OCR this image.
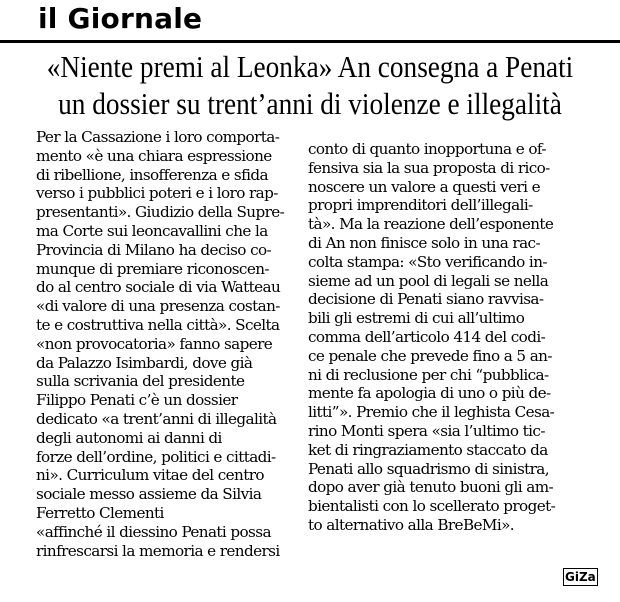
il Giornale
«Niente premi al Leonka» An consegna a Penati
un dossier su trent’anni di violenze e illegalità
Per la Cassazione i loro comporta-
mento «è una chiara espressione
di ribellione, insofferenza e sfida
verso i pubblici poteri e i loro rap-
presentanti». Giudizio della Supre-
ma Corte sui leoncavallini che la
Provincia di Milano ha deciso co-
munque di premiare riconoscen-
do al centro sociale di via Watteau
«di valore di una presenza costan-
te e costruttiva nella città». Scelta
«non provocatoria» fanno sapere
da Palazzo Isimbardi, dove già
sulla scrivania del presidente
Filippo Penati c’è un dossier
dedicato «a trent’anni di illegalità
degli autonomi ai danni di
forze dell’ordine, politici e cittadi-
ni». Curriculum vitae del centro
sociale messo assieme da Silvia
Ferretto Clementi
«affinché il diessino Penati possa
rinfrescarsi la memoria e rendersi
conto di quanto inopportuna e of-
fensiva sia la sua proposta di rico-
noscere un valore a questi veri e
propri imprenditori dell’illegali-
tà». Ma la reazione dell’esponente
di An non finisce solo in una rac-
colta stampa: «Sto verificando in-
sieme ad un pool di legali se nella
decisione di Penati siano ravvisa-
bili gli estremi di cui all’ultimo
comma dell’articolo 414 del codi-
ce penale che prevede fino a 5 an-
ni di reclusione per chi “pubblica-
mente fa apologia di uno o più de-
litti”». Premio che il leghista Cesa-
rino Monti spera «sia l’ultimo tic-
ket di ringraziamento staccato da
Penati allo squadrismo di sinistra,
dopo aver già tenuto buoni gli am-
bientalisti con lo scellerato proget-
to alternativo alla BreBeMi».
GiZa
